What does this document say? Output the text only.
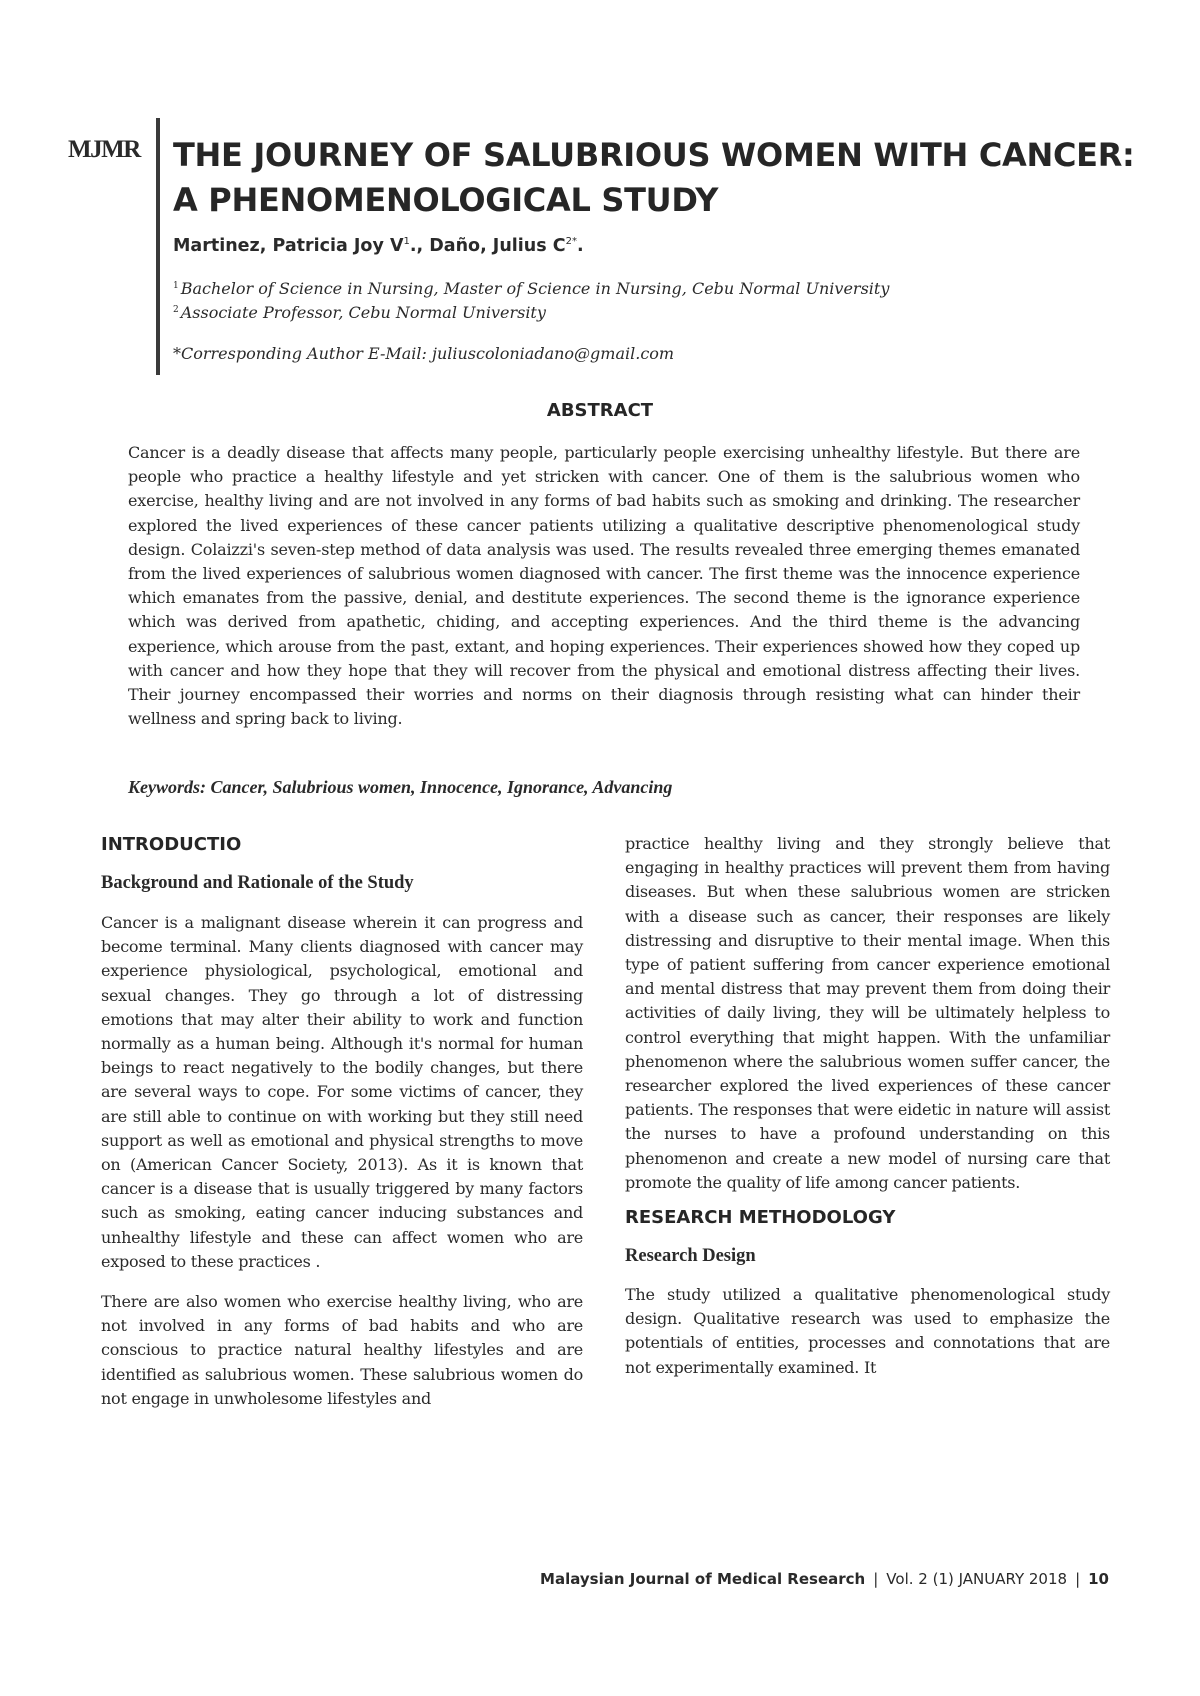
MJMR THE JOURNEY OF SALUBRIOUS WOMEN WITH CANCER:
A PHENOMENOLOGICAL STUDY
Martinez, Patricia Joy $V^1$., Daño, Julius $C^{2*}$.
$^1$ Bachelor of Science in Nursing, Master of Science in Nursing, Cebu Normal University
$^2$ Associate Professor, Cebu Normal University
*Corresponding Author E-Mail: juliuscoloniadano@gmail.com
ABSTRACT

Cancer is a deadly disease that affects many people, particularly people exercising unhealthy lifestyle. But there are people who practice a healthy lifestyle and yet stricken with cancer. One of them is the salubrious women who exercise, healthy living and are not involved in any forms of bad habits such as smoking and drinking. The researcher explored the lived experiences of these cancer patients utilizing a qualitative descriptive phenomenological study design. Colaizzi's seven-step method of data analysis was used. The results revealed three emerging themes emanated from the lived experiences of salubrious women diagnosed with cancer. The first theme was the innocence experience which emanates from the passive, denial, and destitute experiences. The second theme is the ignorance experience which was derived from apathetic, chiding, and accepting experiences. And the third theme is the advancing experience, which arouse from the past, extant, and hoping experiences. Their experiences showed how they coped up with cancer and how they hope that they will recover from the physical and emotional distress affecting their lives. Their journey encompassed their worries and norms on their diagnosis through resisting what can hinder their wellness and spring back to living.

Keywords: Cancer, Salubrious women, Innocence, Ignorance, Advancing
INTRODUCTIO
Background and Rationale of the Study

Cancer is a malignant disease wherein it can progress and become terminal. Many clients diagnosed with cancer may experience physiological, psychological, emotional and sexual changes. They go through a lot of distressing emotions that may alter their ability to work and function normally as a human being. Although it's normal for human beings to react negatively to the bodily changes, but there are several ways to cope. For some victims of cancer, they are still able to continue on with working but they still need support as well as emotional and physical strengths to move on (American Cancer Society, 2013). As it is known that cancer is a disease that is usually triggered by many factors such as smoking, eating cancer inducing substances and unhealthy lifestyle and these can affect women who are exposed to these practices .

There are also women who exercise healthy living, who are not involved in any forms of bad habits and who are conscious to practice natural healthy lifestyles and are identified as salubrious women. These salubrious women do not engage in unwholesome lifestyles and

practice healthy living and they strongly believe that engaging in healthy practices will prevent them from having diseases. But when these salubrious women are stricken with a disease such as cancer, their responses are likely distressing and disruptive to their mental image. When this type of patient suffering from cancer experience emotional and mental distress that may prevent them from doing their activities of daily living, they will be ultimately helpless to control everything that might happen. With the unfamiliar phenomenon where the salubrious women suffer cancer, the researcher explored the lived experiences of these cancer patients. The responses that were eidetic in nature will assist the nurses to have a profound understanding on this phenomenon and create a new model of nursing care that promote the quality of life among cancer patients.

RESEARCH METHODOLOGY
Research Design

The study utilized a qualitative phenomenological study design. Qualitative research was used to emphasize the potentials of entities, processes and connotations that are not experimentally examined. It

Malaysian Journal of Medical Research | Vol. 2 (1) JANUARY 2018 | 10
